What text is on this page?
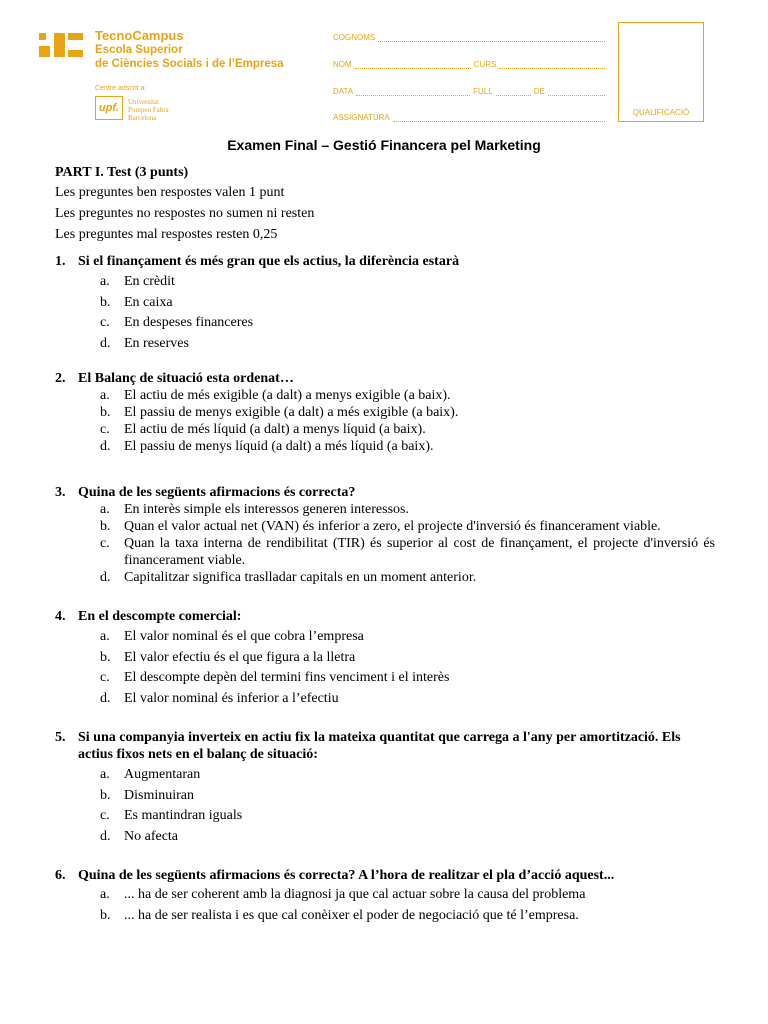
TecnoCampus
Escola Superior
de Ciències Socials i de l’Empresa
Centre adscrit a:
upf.	Universitat
Pompeu Fabra
Barcelona
COGNOMS
NOM	CURS
DATA	FULL	DE
ASSIGNATURA
QUALIFICACIÓ
Examen Final – Gestió Financera pel Marketing
PART I. Test (3 punts)
Les preguntes ben respostes valen 1 punt
Les preguntes no respostes no sumen ni resten
Les preguntes mal respostes resten 0,25
1. Si el finançament és més gran que els actius, la diferència estarà
a.	En crèdit
b. En caixa
c.	En despeses financeres
d. En reserves
2. El Balanç de situació esta ordenat…
a.	El actiu de més exigible (a dalt) a menys exigible (a baix).
b. El passiu de menys exigible (a dalt) a més exigible (a baix).
c.	El actiu de més líquid (a dalt) a menys líquid (a baix).
d. El passiu de menys líquid (a dalt) a més líquid (a baix).
3. Quina de les següents afirmacions és correcta?
a.	En interès simple els interessos generen interessos.
b. Quan el valor actual net (VAN) és inferior a zero, el projecte d'inversió és financerament viable.
c.	Quan la taxa interna de rendibilitat (TIR) és superior al cost de finançament, el projecte d'inversió és financerament viable.
d. Capitalitzar significa traslladar capitals en un moment anterior.
4. En el descompte comercial:
a.	El valor nominal és el que cobra l’empresa
b. El valor efectiu és el que figura a la lletra
c.	El descompte depèn del termini fins venciment i el interès
d. El valor nominal és inferior a l’efectiu
5. Si una companyia inverteix en actiu fix la mateixa quantitat que carrega a l'any per amortització. Els actius fixos nets en el balanç de situació:
a.	Augmentaran
b. Disminuiran
c.	Es mantindran iguals
d. No afecta
6. Quina de les següents afirmacions és correcta? A l’hora de realitzar el pla d’acció aquest...
a.	... ha de ser coherent amb la diagnosi ja que cal actuar sobre la causa del problema
b. ... ha de ser realista i es que cal conèixer el poder de negociació que té l’empresa.
